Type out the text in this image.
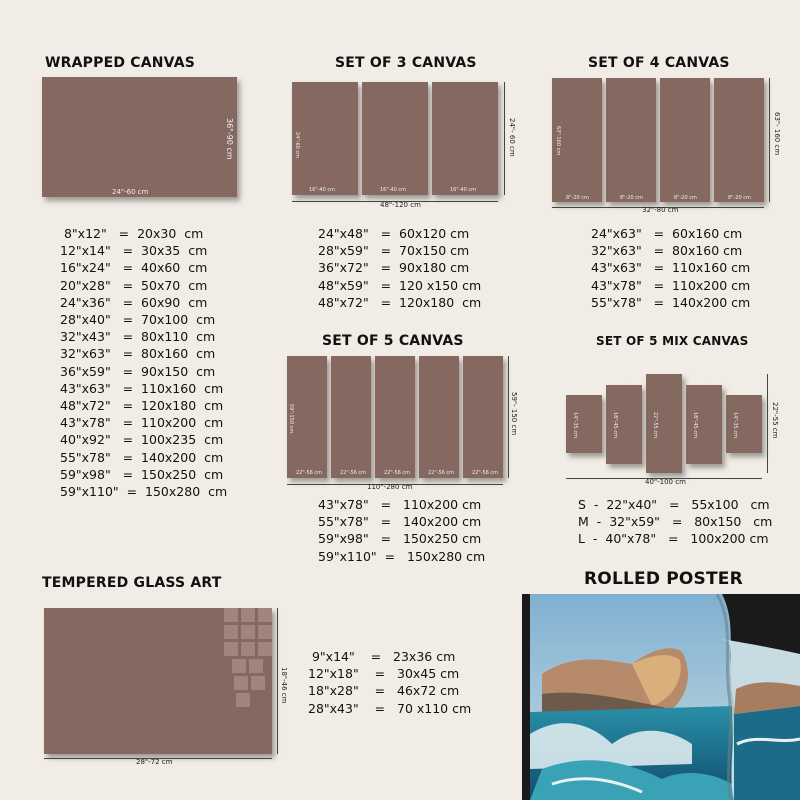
WRAPPED CANVAS
24"-60 cm
36"-90 cm
8"x12"   =  20x30  cm
12"x14"   =  30x35  cm
16"x24"   =  40x60  cm
20"x28"   =  50x70  cm
24"x36"   =  60x90  cm
28"x40"   =  70x100  cm
32"x43"   =  80x110  cm
32"x63"   =  80x160  cm
36"x59"   =  90x150  cm
43"x63"   =  110x160  cm
48"x72"   =  120x180  cm
43"x78"   =  110x200  cm
40"x92"   =  100x235  cm
55"x78"   =  140x200  cm
59"x98"   =  150x250  cm
59"x110"  =  150x280  cm
SET OF 3 CANVAS
16"-40 cm	16"-40 cm	16"-40 cm
24"-60 cm
48"-120 cm
24"- 60 cm
24"x48"   =  60x120 cm
28"x59"   =  70x150 cm
36"x72"   =  90x180 cm
48"x59"   =  120 x150 cm
48"x72"   =  120x180  cm
SET OF 4 CANVAS
8"-20 cm	8"-20 cm	8"-20 cm	8"-20 cm
63"-160 cm
32"-80 cm
63"- 160 cm
24"x63"   =  60x160 cm
32"x63"   =  80x160 cm
43"x63"   =  110x160 cm
43"x78"   =  110x200 cm
55"x78"   =  140x200 cm
SET OF 5 CANVAS
22"-56 cm	22"-56 cm	22"-56 cm	22"-56 cm	22"-56 cm
59"-150 cm
110"-280 cm
59"- 150 cm
43"x78"   =   110x200 cm
55"x78"   =   140x200 cm
59"x98"   =   150x250 cm
59"x110"  =   150x280 cm
SET OF 5 MIX CANVAS
8"-20 cm
8"-20 cm
8"-20 cm
8"-20 cm
8"-20 cm
14"-35 cm	18"-45 cm	22"-55 cm	18"-45 cm	14"-35 cm
40"-100 cm
22"-55 cm
S  -  22"x40"   =   55x100   cm
M  -  32"x59"   =   80x150   cm
L  -  40"x78"   =   100x200 cm
TEMPERED GLASS ART
18"-46 cm
28"-72 cm
9"x14"    =   23x36 cm
12"x18"    =   30x45 cm
18"x28"    =   46x72 cm
28"x43"    =   70 x110 cm
ROLLED POSTER
